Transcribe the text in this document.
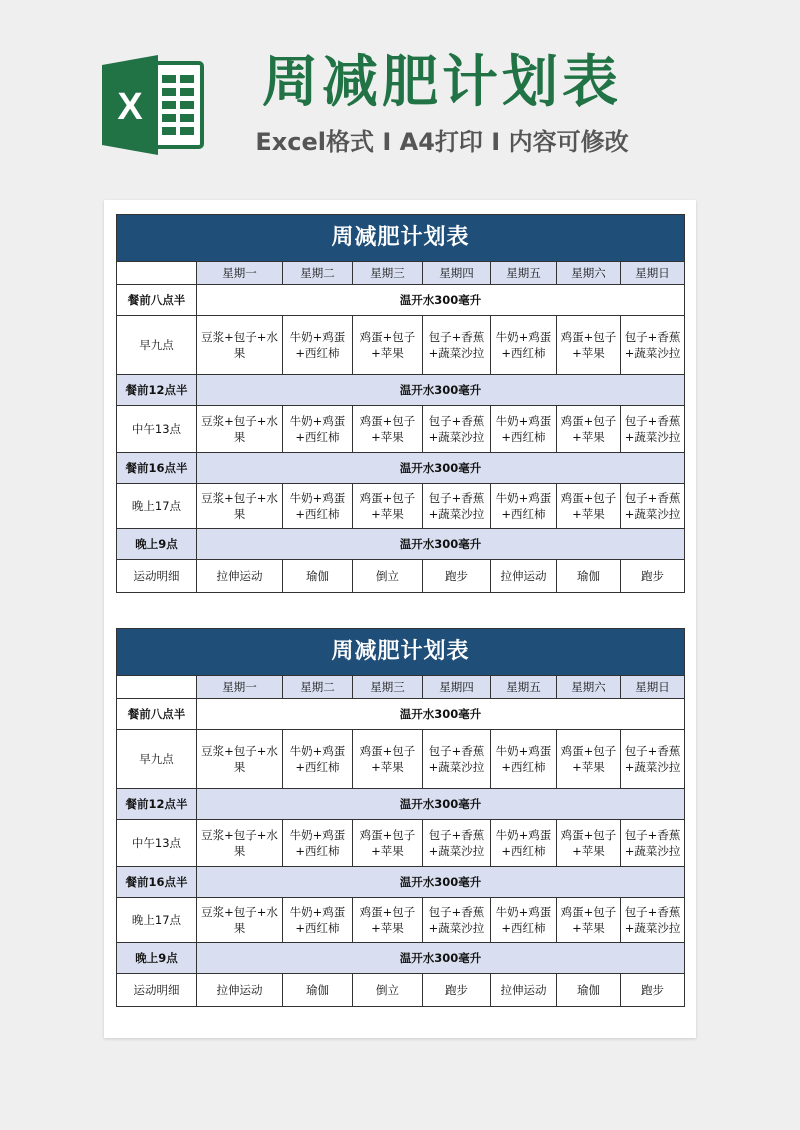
X	周减肥计划表
Excel格式 Ⅰ A4打印 Ⅰ 内容可修改
周减肥计划表							
	星期一	星期二	星期三	星期四	星期五	星期六	星期日
餐前八点半	温开水300毫升						
早九点	豆浆+包子+水果	牛奶+鸡蛋+西红柿	鸡蛋+包子+苹果	包子+香蕉+蔬菜沙拉	牛奶+鸡蛋+西红柿	鸡蛋+包子+苹果	包子+香蕉+蔬菜沙拉
餐前12点半	温开水300毫升						
中午13点	豆浆+包子+水果	牛奶+鸡蛋+西红柿	鸡蛋+包子+苹果	包子+香蕉+蔬菜沙拉	牛奶+鸡蛋+西红柿	鸡蛋+包子+苹果	包子+香蕉+蔬菜沙拉
餐前16点半	温开水300毫升						
晚上17点	豆浆+包子+水果	牛奶+鸡蛋+西红柿	鸡蛋+包子+苹果	包子+香蕉+蔬菜沙拉	牛奶+鸡蛋+西红柿	鸡蛋+包子+苹果	包子+香蕉+蔬菜沙拉
晚上9点	温开水300毫升						
运动明细	拉伸运动	瑜伽	倒立	跑步	拉伸运动	瑜伽	跑步
周减肥计划表							
	星期一	星期二	星期三	星期四	星期五	星期六	星期日
餐前八点半	温开水300毫升						
早九点	豆浆+包子+水果	牛奶+鸡蛋+西红柿	鸡蛋+包子+苹果	包子+香蕉+蔬菜沙拉	牛奶+鸡蛋+西红柿	鸡蛋+包子+苹果	包子+香蕉+蔬菜沙拉
餐前12点半	温开水300毫升						
中午13点	豆浆+包子+水果	牛奶+鸡蛋+西红柿	鸡蛋+包子+苹果	包子+香蕉+蔬菜沙拉	牛奶+鸡蛋+西红柿	鸡蛋+包子+苹果	包子+香蕉+蔬菜沙拉
餐前16点半	温开水300毫升						
晚上17点	豆浆+包子+水果	牛奶+鸡蛋+西红柿	鸡蛋+包子+苹果	包子+香蕉+蔬菜沙拉	牛奶+鸡蛋+西红柿	鸡蛋+包子+苹果	包子+香蕉+蔬菜沙拉
晚上9点	温开水300毫升						
运动明细	拉伸运动	瑜伽	倒立	跑步	拉伸运动	瑜伽	跑步
